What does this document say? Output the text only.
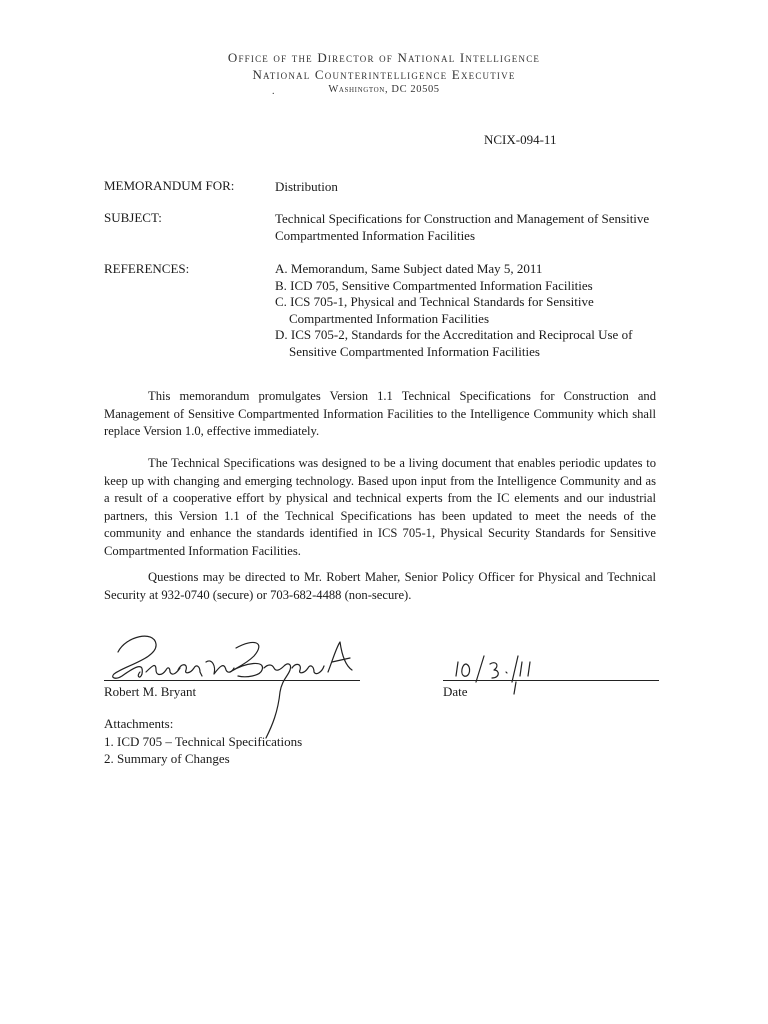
Office of the Director of National Intelligence
National Counterintelligence Executive
Washington, DC 20505
.
NCIX-094-11
MEMORANDUM FOR:	Distribution
SUBJECT:	Technical Specifications for Construction and Management of Sensitive Compartmented Information Facilities
REFERENCES:	A. Memorandum, Same Subject dated May 5, 2011
B. ICD 705, Sensitive Compartmented Information Facilities
C. ICS 705-1, Physical and Technical Standards for Sensitive Compartmented Information Facilities
D. ICS 705-2, Standards for the Accreditation and Reciprocal Use of Sensitive Compartmented Information Facilities
This memorandum promulgates Version 1.1 Technical Specifications for Construction and Management of Sensitive Compartmented Information Facilities to the Intelligence Community which shall replace Version 1.0, effective immediately.
The Technical Specifications was designed to be a living document that enables periodic updates to keep up with changing and emerging technology. Based upon input from the Intelligence Community and as a result of a cooperative effort by physical and technical experts from the IC elements and our industrial partners, this Version 1.1 of the Technical Specifications has been updated to meet the needs of the community and enhance the standards identified in ICS 705-1, Physical Security Standards for Sensitive Compartmented Information Facilities.
Questions may be directed to Mr. Robert Maher, Senior Policy Officer for Physical and Technical Security at 932-0740 (secure) or 703-682-4488 (non-secure).
Robert M. Bryant	Date
Attachments:
1. ICD 705 – Technical Specifications
2. Summary of Changes
